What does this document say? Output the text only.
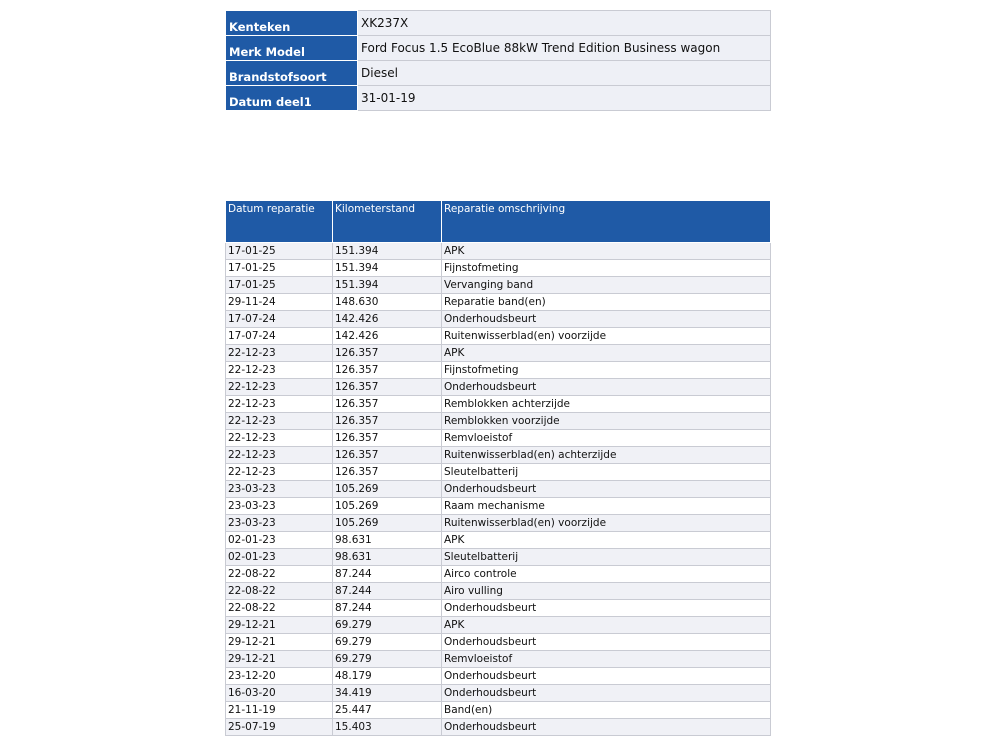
Kenteken	XK237X
Merk Model	Ford Focus 1.5 EcoBlue 88kW Trend Edition Business wagon
Brandstofsoort	Diesel
Datum deel1	31-01-19
Datum reparatie	Kilometerstand	Reparatie omschrijving
17-01-25	151.394	APK
17-01-25	151.394	Fijnstofmeting
17-01-25	151.394	Vervanging band
29-11-24	148.630	Reparatie band(en)
17-07-24	142.426	Onderhoudsbeurt
17-07-24	142.426	Ruitenwisserblad(en) voorzijde
22-12-23	126.357	APK
22-12-23	126.357	Fijnstofmeting
22-12-23	126.357	Onderhoudsbeurt
22-12-23	126.357	Remblokken achterzijde
22-12-23	126.357	Remblokken voorzijde
22-12-23	126.357	Remvloeistof
22-12-23	126.357	Ruitenwisserblad(en) achterzijde
22-12-23	126.357	Sleutelbatterij
23-03-23	105.269	Onderhoudsbeurt
23-03-23	105.269	Raam mechanisme
23-03-23	105.269	Ruitenwisserblad(en) voorzijde
02-01-23	98.631	APK
02-01-23	98.631	Sleutelbatterij
22-08-22	87.244	Airco controle
22-08-22	87.244	Airo vulling
22-08-22	87.244	Onderhoudsbeurt
29-12-21	69.279	APK
29-12-21	69.279	Onderhoudsbeurt
29-12-21	69.279	Remvloeistof
23-12-20	48.179	Onderhoudsbeurt
16-03-20	34.419	Onderhoudsbeurt
21-11-19	25.447	Band(en)
25-07-19	15.403	Onderhoudsbeurt
